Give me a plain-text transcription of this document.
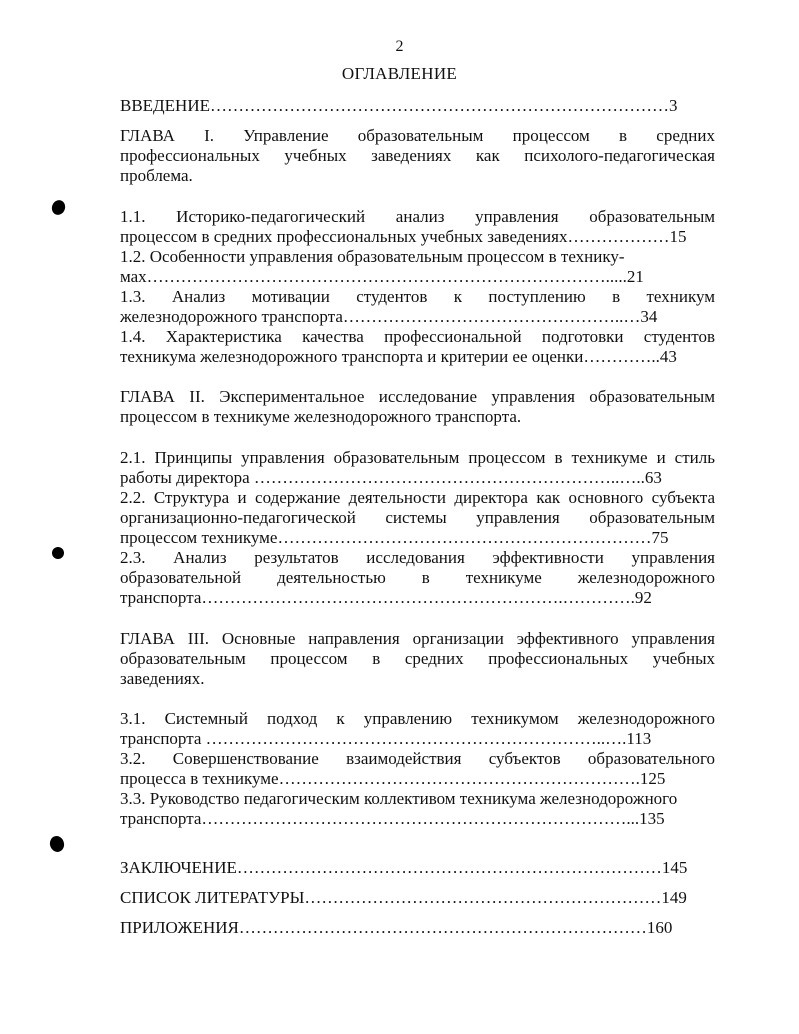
2
ОГЛАВЛЕНИЕ
ВВЕДЕНИЕ………………………………………………………………………3
ГЛАВА I. Управление образовательным процессом в средних
профессиональных учебных заведениях как психолого-педагогическая
проблема.
1.1. Историко-педагогический анализ управления образовательным
процессом в средних профессиональных учебных заведениях………………15
1.2. Особенности управления образовательным процессом в технику-
мах……………………………………………………………………….....21
1.3. Анализ мотивации студентов к поступлению в техникум
железнодорожного транспорта…………………………………………..…34
1.4. Характеристика качества профессиональной подготовки студентов
техникума железнодорожного транспорта и критерии ее оценки…………..43
ГЛАВА II. Экспериментальное исследование управления образовательным
процессом в техникуме железнодорожного транспорта.
2.1. Принципы управления образовательным процессом в техникуме и стиль
работы директора ………………………………………………………..…..63
2.2. Структура и содержание деятельности директора как основного субъекта
организационно-педагогической системы управления образовательным
процессом техникуме…………………………………………………………75
2.3. Анализ результатов исследования эффективности управления
образовательной деятельностью в техникуме железнодорожного
транспорта……………………………………………………….………….92
ГЛАВА III. Основные направления организации эффективного управления
образовательным процессом в средних профессиональных учебных
заведениях.
3.1. Системный подход к управлению техникумом железнодорожного
транспорта ……………………………………………………………..….113
3.2. Совершенствование взаимодействия субъектов образовательного
процесса в техникуме……………………………………………………….125
3.3. Руководство педагогическим коллективом техникума железнодорожного
транспорта…………………………………………………………………...135
ЗАКЛЮЧЕНИЕ…………………………………………………………………145
СПИСОК ЛИТЕРАТУРЫ………………………………………………………149
ПРИЛОЖЕНИЯ………………………………………………………………160
